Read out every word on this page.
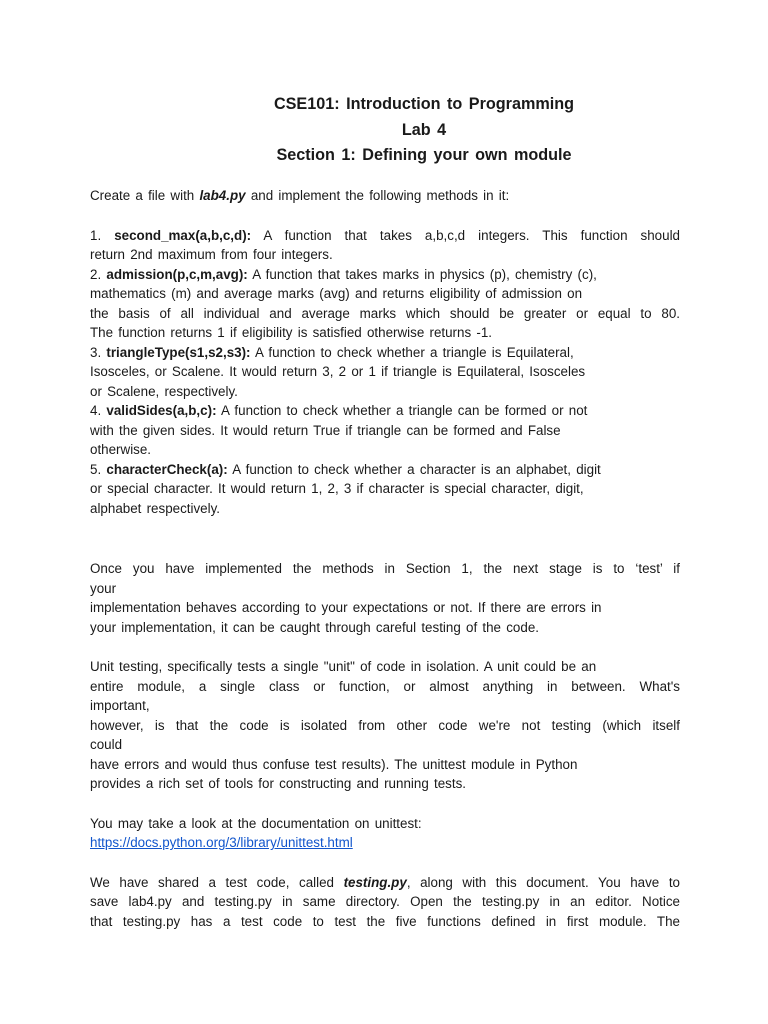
CSE101: Introduction to Programming
Lab 4
Section 1: Defining your own module

Create a file with lab4.py and implement the following methods in it:

1. second_max(a,b,c,d): A function that takes a,b,c,d integers. This function should
return 2nd maximum from four integers.

2. admission(p,c,m,avg): A function that takes marks in physics (p), chemistry (c),
mathematics (m) and average marks (avg) and returns eligibility of admission on
the basis of all individual and average marks which should be greater or equal to 80.
The function returns 1 if eligibility is satisfied otherwise returns -1.

3. triangleType(s1,s2,s3): A function to check whether a triangle is Equilateral,
Isosceles, or Scalene. It would return 3, 2 or 1 if triangle is Equilateral, Isosceles
or Scalene, respectively.

4. validSides(a,b,c): A function to check whether a triangle can be formed or not
with the given sides. It would return True if triangle can be formed and False
otherwise.

5. characterCheck(a): A function to check whether a character is an alphabet, digit
or special character. It would return 1, 2, 3 if character is special character, digit,
alphabet respectively.

Once you have implemented the methods in Section 1, the next stage is to ‘test’ if
your
implementation behaves according to your expectations or not. If there are errors in
your implementation, it can be caught through careful testing of the code.

Unit testing, specifically tests a single "unit" of code in isolation. A unit could be an
entire module, a single class or function, or almost anything in between. What's
important,
however, is that the code is isolated from other code we're not testing (which itself
could
have errors and would thus confuse test results). The unittest module in Python
provides a rich set of tools for constructing and running tests.

You may take a look at the documentation on unittest:
https://docs.python.org/3/library/unittest.html

We have shared a test code, called testing.py, along with this document. You have to
save lab4.py and testing.py in same directory. Open the testing.py in an editor. Notice
that testing.py has a test code to test the five functions defined in first module. The
